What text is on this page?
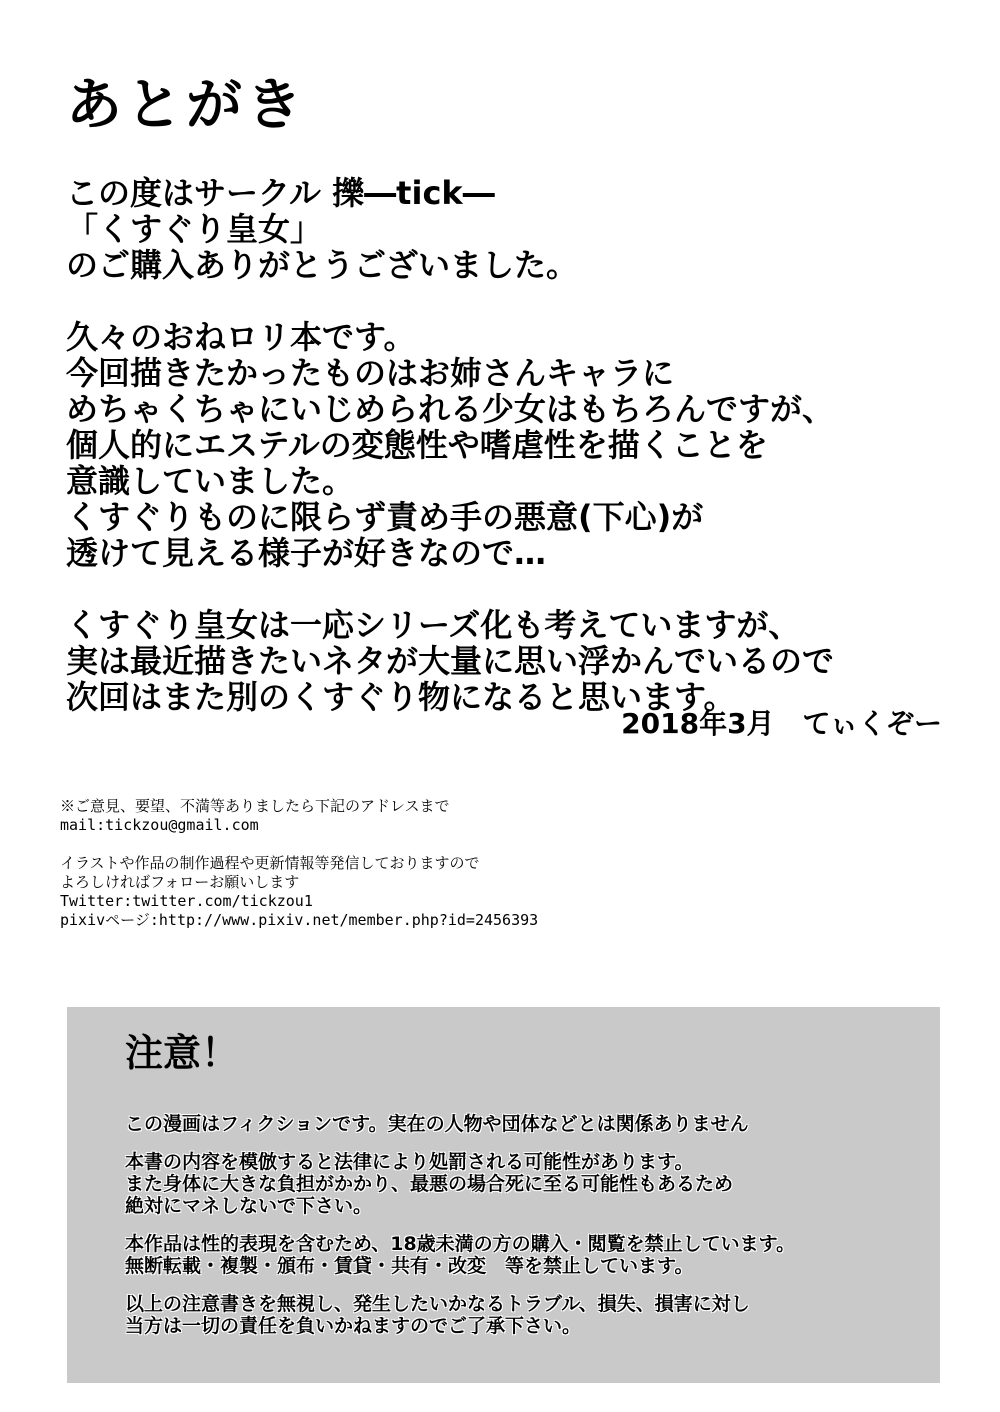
あとがき
この度はサークル 擽―tick―
「くすぐり皇女」
のご購入ありがとうございました。
久々のおねロリ本です。
今回描きたかったものはお姉さんキャラに
めちゃくちゃにいじめられる少女はもちろんですが、
個人的にエステルの変態性や嗜虐性を描くことを
意識していました。
くすぐりものに限らず責め手の悪意(下心)が
透けて見える様子が好きなので…
くすぐり皇女は一応シリーズ化も考えていますが、
実は最近描きたいネタが大量に思い浮かんでいるので
次回はまた別のくすぐり物になると思います。
2018年3月　てぃくぞー
※ご意見、要望、不満等ありましたら下記のアドレスまで
mail:tickzou@gmail.com
イラストや作品の制作過程や更新情報等発信しておりますので
よろしければフォローお願いします
Twitter:twitter.com/tickzou1
pixivページ:http://www.pixiv.net/member.php?id=2456393
注意！
この漫画はフィクションです。実在の人物や団体などとは関係ありません
本書の内容を模倣すると法律により処罰される可能性があります。
また身体に大きな負担がかかり、最悪の場合死に至る可能性もあるため
絶対にマネしないで下さい。
本作品は性的表現を含むため、18歳未満の方の購入・閲覧を禁止しています。
無断転載・複製・頒布・賃貸・共有・改変　等を禁止しています。
以上の注意書きを無視し、発生したいかなるトラブル、損失、損害に対し
当方は一切の責任を負いかねますのでご了承下さい。
